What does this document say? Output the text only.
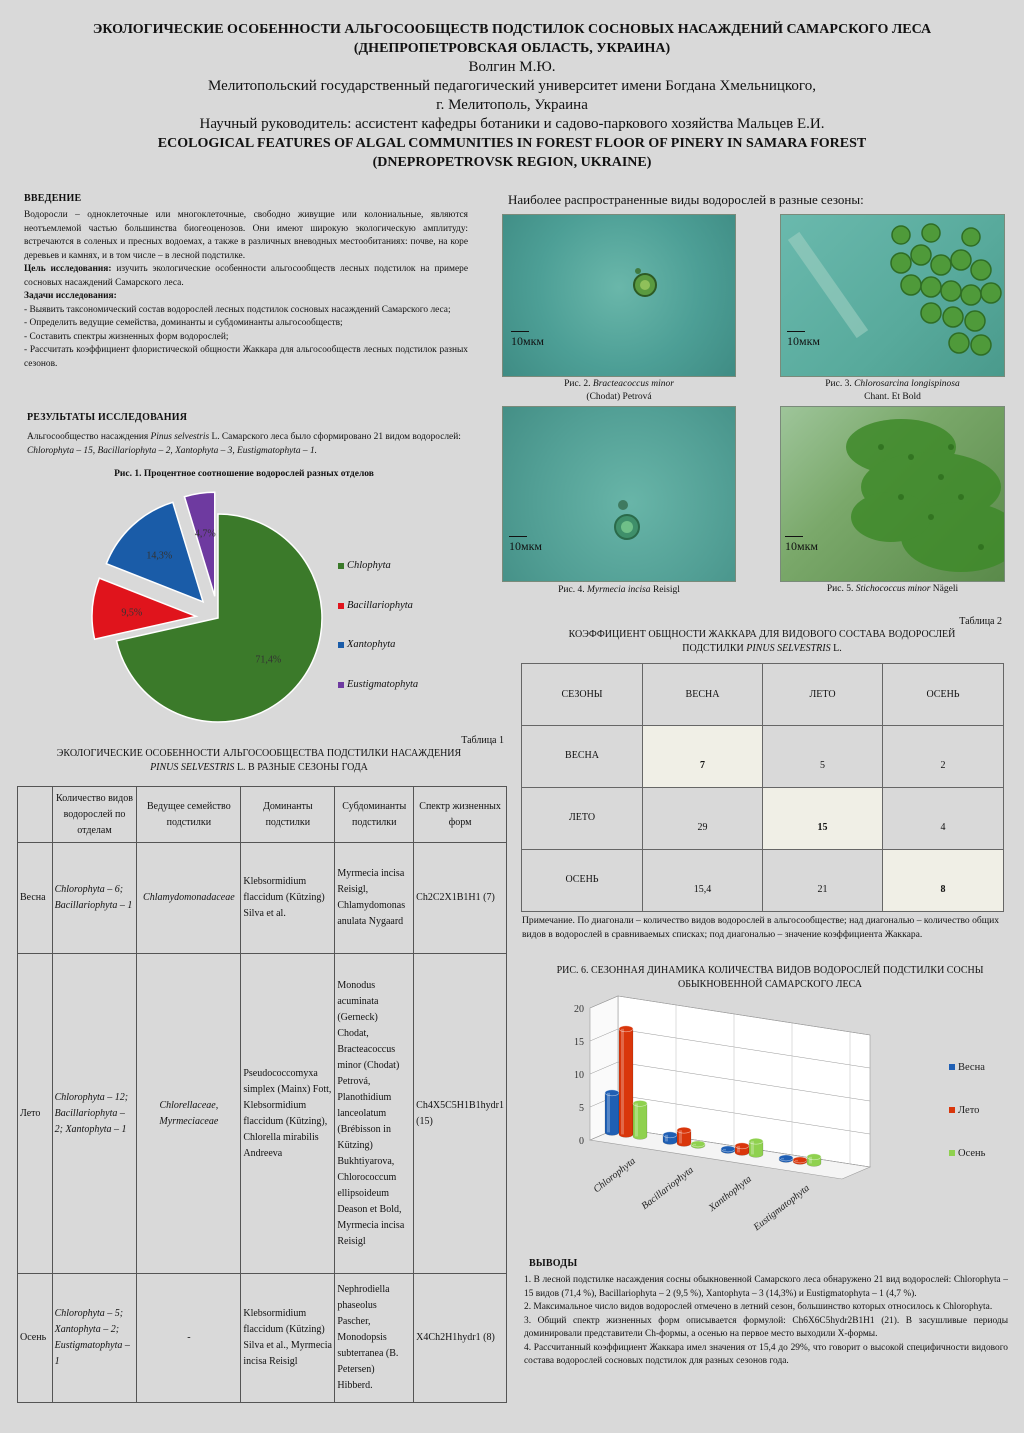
ЭКОЛОГИЧЕСКИЕ ОСОБЕННОСТИ АЛЬГОСООБЩЕСТВ ПОДСТИЛОК СОСНОВЫХ НАСАЖДЕНИЙ САМАРСКОГО ЛЕСА
(ДНЕПРОПЕТРОВСКАЯ ОБЛАСТЬ, УКРАИНА)
Волгин М.Ю.
Мелитопольский государственный педагогический университет имени Богдана Хмельницкого,
г. Мелитополь, Украина
Научный руководитель: ассистент кафедры ботаники и садово-паркового хозяйства Мальцев Е.И.
ECOLOGICAL FEATURES OF ALGAL COMMUNITIES IN FOREST FLOOR OF PINERY IN SAMARA FOREST
(DNEPROPETROVSK REGION, UKRAINE)
ВВЕДЕНИЕ
Водоросли – одноклеточные или многоклеточные, свободно живущие или колониальные, являются неотъемлемой частью большинства биогеоценозов. Они имеют широкую экологическую амплитуду: встречаются в соленых и пресных водоемах, а также в различных вневодных местообитаниях: почве, на коре деревьев и камнях, и в том числе – в лесной подстилке.
Цель исследования: изучить экологические особенности альгосообществ лесных подстилок на примере сосновых насаждений Самарского леса.
Задачи исследования:
- Выявить таксономический состав водорослей лесных подстилок сосновых насаждений Самарского леса;
- Определить ведущие семейства, доминанты и субдоминанты альгосообществ;
- Составить спектры жизненных форм водорослей;
- Рассчитать коэффициент флористической общности Жаккара для альгосообществ лесных подстилок разных сезонов.
РЕЗУЛЬТАТЫ ИССЛЕДОВАНИЯ
Альгосообщество насаждения Pinus selvestris L. Самарского леса было сформировано 21 видом водорослей: Chlorophyta – 15, Bacillariophyta – 2, Xantophyta – 3, Eustigmatophyta – 1.
Рис. 1. Процентное соотношение водорослей разных отделов
71,4%
9,5%
14,3%
4,7%
Chlophyta
Bacillariophyta
Xantophyta
Eustigmatophyta
Таблица 1
ЭКОЛОГИЧЕСКИЕ ОСОБЕННОСТИ АЛЬГОСООБЩЕСТВА ПОДСТИЛКИ НАСАЖДЕНИЯ
PINUS SELVESTRIS L. В РАЗНЫЕ СЕЗОНЫ ГОДА
	Количество видов водорослей по отделам	Ведущее семейство подстилки	Доминанты подстилки	Субдоминанты подстилки	Спектр жизненных форм
Весна	Chlorophyta – 6; Bacillariophyta – 1	Chlamydomonadaceae	Klebsormidium flaccidum (Kützing) Silva et al.	Myrmecia incisa Reisigl, Chlamydomonas anulata Nygaard	Ch2C2X1B1H1 (7)
Лето	Chlorophyta – 12; Bacillariophyta – 2; Xantophyta – 1	Chlorellaceae, Myrmeciaceae	Pseudococcomyxa simplex (Mainx) Fott, Klebsormidium flaccidum (Kützing), Chlorella mirabilis Andreeva	Monodus acuminata (Gerneck) Chodat, Bracteacoccus minor (Chodat) Petrová, Planothidium lanceolatum (Brébisson in Kützing) Bukhtiyarova, Chlorococcum ellipsoideum Deason et Bold, Myrmecia incisa Reisigl	Ch4X5C5H1B1hydr1 (15)
Осень	Chlorophyta – 5; Xantophyta – 2; Eustigmatophyta – 1	-	Klebsormidium flaccidum (Kützing) Silva et al., Myrmecia incisa Reisigl	Nephrodiella phaseolus Pascher, Monodopsis subterranea (B. Petersen) Hibberd.	X4Ch2H1hydr1 (8)
Наиболее распространенные виды водорослей в разные сезоны:
10мкм	10мкм
Рис. 2. Bracteacoccus minor
(Chodat) Petrová
Рис. 3. Chlorosarcina longispinosa
Chant. Et Bold
10мкм	10мкм
Рис. 4. Myrmecia incisa Reisigl	Рис. 5. Stichococcus minor Nägeli
Таблица 2
КОЭФФИЦИЕНТ ОБЩНОСТИ ЖАККАРА ДЛЯ ВИДОВОГО СОСТАВА ВОДОРОСЛЕЙ
ПОДСТИЛКИ PINUS SELVESTRIS L.
СЕЗОНЫ	ВЕСНА	ЛЕТО	ОСЕНЬ
ВЕСНА	7	5	2
ЛЕТО	29	15	4
ОСЕНЬ	15,4	21	8
Примечание. По диагонали – количество видов водорослей в альгосообществе; над диагональю – количество общих видов в водорослей в сравниваемых списках; под диагональю – значение коэффициента Жаккара.
РИС. 6. СЕЗОННАЯ ДИНАМИКА КОЛИЧЕСТВА ВИДОВ ВОДОРОСЛЕЙ ПОДСТИЛКИ СОСНЫ ОБЫКНОВЕННОЙ САМАРСКОГО ЛЕСА
0
5
10
15
20
Chlorophyta Bacillariophyta Xanthophyta
Eustigmatophyta
Весна
Лето
Осень
ВЫВОДЫ
1. В лесной подстилке насаждения сосны обыкновенной Самарского леса обнаружено 21 вид водорослей: Chlorophyta – 15 видов (71,4 %), Bacillariophyta – 2 (9,5 %), Xantophyta – 3 (14,3%) и Eustigmatophyta – 1 (4,7 %).
2. Максимальное число видов водорослей отмечено в летний сезон, большинство которых относилось к Chlorophyta.
3. Общий спектр жизненных форм описывается формулой: Ch6X6C5hydr2B1H1 (21). В засушливые периоды доминировали представители Ch-формы, а осенью на первое место выходили X-формы.
4. Рассчитанный коэффициент Жаккара имел значения от 15,4 до 29%, что говорит о высокой специфичности видового состава водорослей сосновых подстилок для разных сезонов года.
